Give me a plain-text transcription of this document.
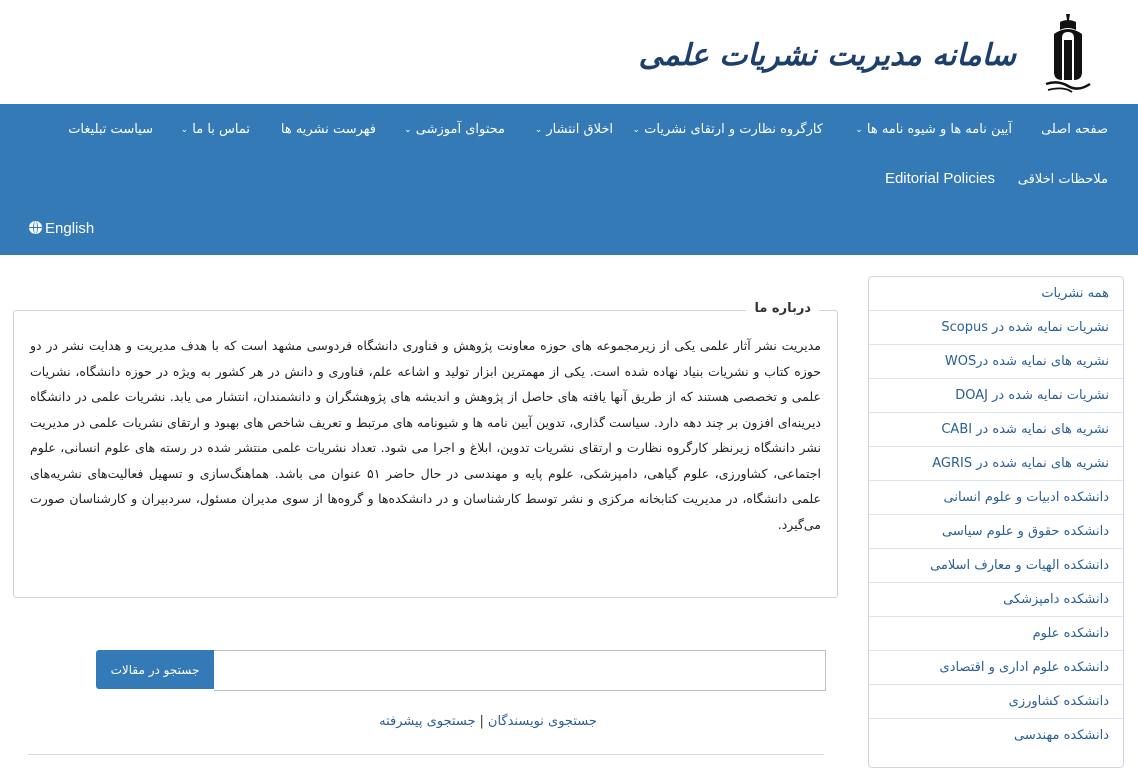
سامانه مدیریت نشریات علمی
صفحه اصلی
آیین نامه ها و شیوه نامه ها ⌄
کارگروه نظارت و ارتقای نشریات ⌄
اخلاق انتشار ⌄
محتوای آموزشی ⌄
فهرست نشریه ها
تماس با ما ⌄
سیاست تبلیغات
ملاحظات اخلاقی
Editorial Policies
English
همه نشریات
نشریات نمایه شده در Scopus
نشریه های نمایه شده درWOS
نشریات نمایه شده در DOAJ
نشریه های نمایه شده در CABI
نشریه های نمایه شده در AGRIS
دانشکده ادبیات و علوم انسانی
دانشکده حقوق و علوم سیاسی
دانشکده الهیات و معارف اسلامی
دانشکده دامپزشکی
دانشکده علوم
دانشکده علوم اداری و اقتصادی
دانشکده کشاورزی
دانشکده مهندسی
درباره ما
مدیریت نشر آثار علمی یکی از زیرمجموعه های حوزه معاونت پژوهش و فناوری دانشگاه فردوسی مشهد است که با هدف مدیریت و هدایت نشر در دو حوزه کتاب و نشریات بنیاد نهاده شده است. یکی از مهمترین ابزار تولید و اشاعه علم، فناوری و دانش در هر کشور به ویژه در حوزه دانشگاه، نشریات علمی و تخصصی هستند که از طریق آنها یافته های حاصل از پژوهش و اندیشه های پژوهشگران و دانشمندان، انتشار می یابد. نشریات علمی در دانشگاه دیرینه‌ای افزون بر چند دهه دارد. سیاست گذاری، تدوین آیین نامه ها و شیونامه های مرتبط و تعریف شاخص های بهبود و ارتقای نشریات علمی در مدیریت نشر دانشگاه زیرنظر کارگروه نظارت و ارتقای نشریات تدوین، ابلاغ و اجرا می شود. تعداد نشریات علمی منتشر شده در رسته های علوم انسانی، علوم اجتماعی، کشاورزی، علوم گیاهی، دامپزشکی، علوم پایه و مهندسی در حال حاضر ۵۱ عنوان می باشد. هماهنگ‌سازی و تسهیل فعالیت‌های نشریه‌های علمی دانشگاه، در مدیریت کتابخانه مرکزی و نشر توسط کارشناسان و در دانشکده‌ها و گروه‌ها از سوی مدیران مسئول، سردبیران و کارشناسان صورت می‌گیرد.
جستجو در مقالات
جستجوی نویسندگان|جستجوی پیشرفته
